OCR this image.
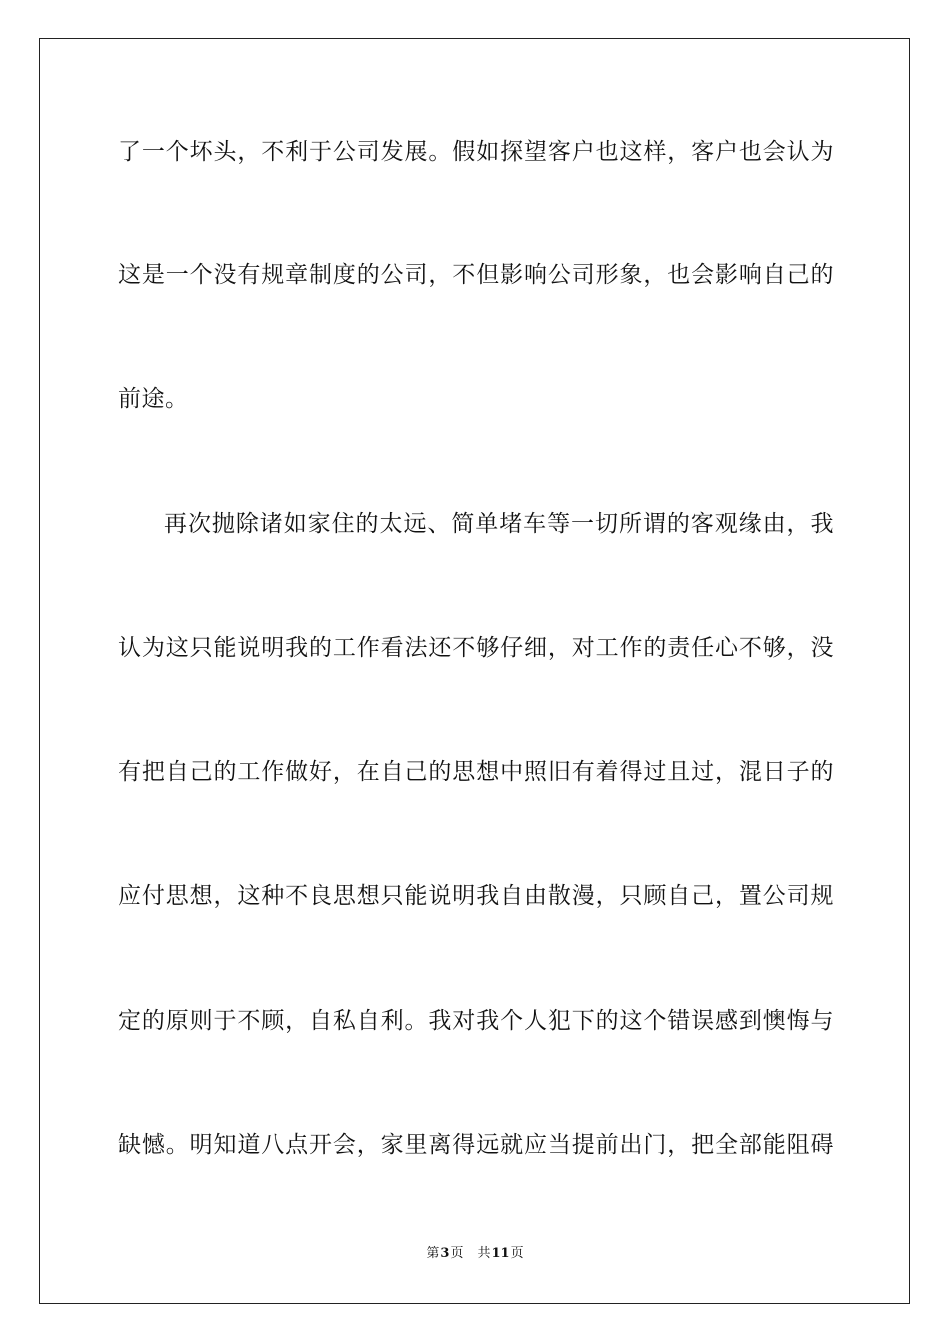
了一个坏头，不利于公司发展。假如探望客户也这样，客户也会认为
这是一个没有规章制度的公司，不但影响公司形象，也会影响自己的
前途。
再次抛除诸如家住的太远、简单堵车等一切所谓的客观缘由，我
认为这只能说明我的工作看法还不够仔细，对工作的责任心不够，没
有把自己的工作做好，在自己的思想中照旧有着得过且过，混日子的
应付思想，这种不良思想只能说明我自由散漫，只顾自己，置公司规
定的原则于不顾，自私自利。我对我个人犯下的这个错误感到懊悔与
缺憾。明知道八点开会，家里离得远就应当提前出门，把全部能阻碍
第3页 共11页
